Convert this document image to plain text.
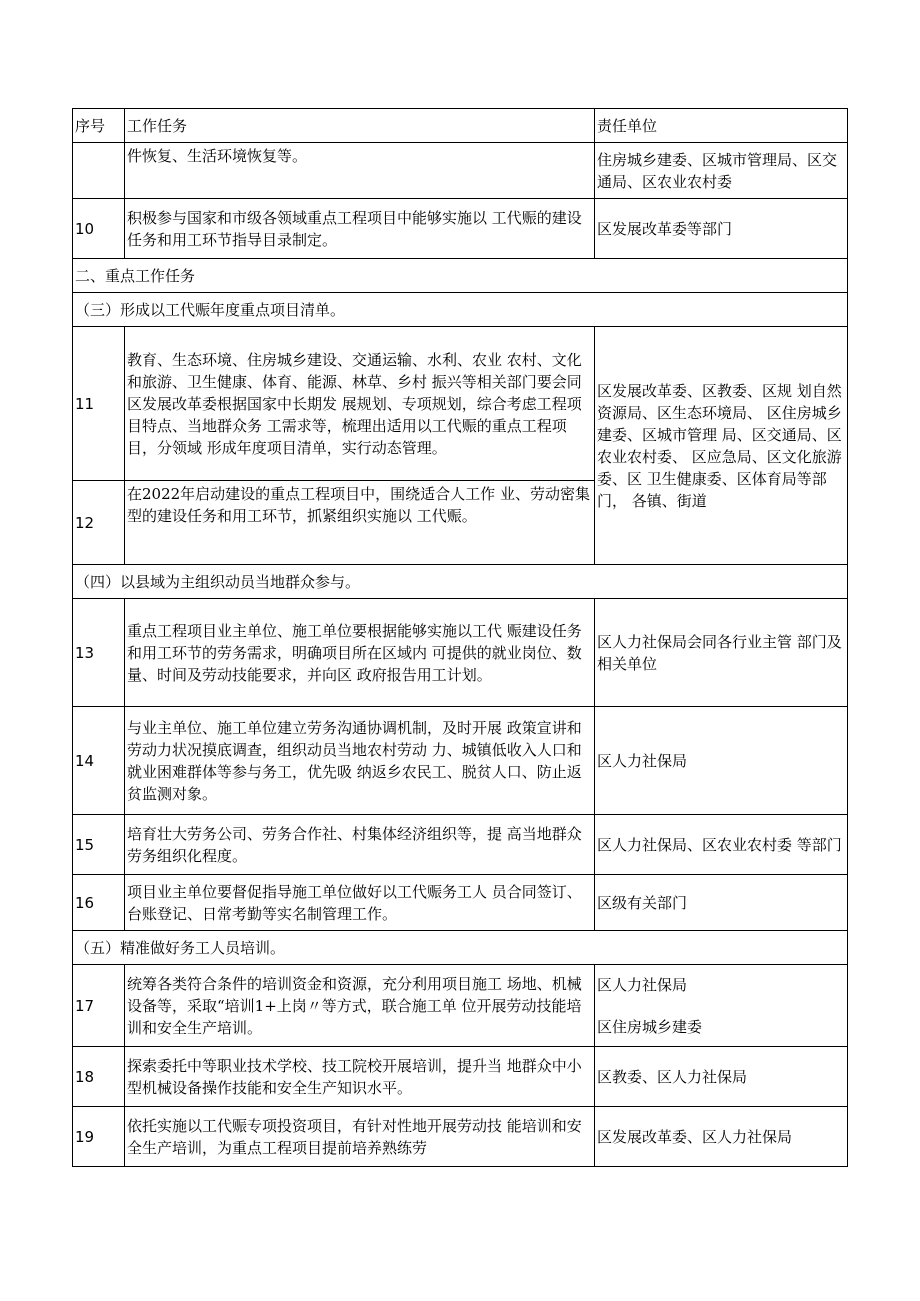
序号	工作任务	责任单位
	件恢复、生活环境恢复等。	住房城乡建委、区城市管理局、区交通局、区农业农村委
10	积极参与国家和市级各领域重点工程项目中能够实施以 工代赈的建设任务和用工环节指导目录制定。	区发展改革委等部门
二、重点工作任务		
（三）形成以工代赈年度重点项目清单。		
11	教育、生态环境、住房城乡建设、交通运输、水利、农业 农村、文化和旅游、卫生健康、体育、能源、林草、乡村 振兴等相关部门要会同区发展改革委根据国家中长期发 展规划、专项规划，综合考虑工程项目特点、当地群众务 工需求等，梳理出适用以工代赈的重点工程项目，分领域 形成年度项目清单，实行动态管理。	区发展改革委、区教委、区规 划自然资源局、区生态环境局、 区住房城乡建委、区城市管理 局、区交通局、区农业农村委、 区应急局、区文化旅游委、区 卫生健康委、区体育局等部门， 各镇、街道
12	在2022年启动建设的重点工程项目中，围绕适合人工作 业、劳动密集型的建设任务和用工环节，抓紧组织实施以 工代赈。	
（四）以县域为主组织动员当地群众参与。		
13	重点工程项目业主单位、施工单位要根据能够实施以工代 赈建设任务和用工环节的劳务需求，明确项目所在区域内 可提供的就业岗位、数量、时间及劳动技能要求，并向区 政府报告用工计划。	区人力社保局会同各行业主管 部门及相关单位
14	与业主单位、施工单位建立劳务沟通协调机制，及时开展 政策宣讲和劳动力状况摸底调查，组织动员当地农村劳动 力、城镇低收入人口和就业困难群体等参与务工，优先吸 纳返乡农民工、脱贫人口、防止返贫监测对象。	区人力社保局
15	培育壮大劳务公司、劳务合作社、村集体经济组织等，提 高当地群众劳务组织化程度。	区人力社保局、区农业农村委 等部门
16	项目业主单位要督促指导施工单位做好以工代赈务工人 员合同签订、台账登记、日常考勤等实名制管理工作。	区级有关部门
（五）精准做好务工人员培训。		
17	统筹各类符合条件的培训资金和资源，充分利用项目施工 场地、机械设备等，采取“培训1+上岗〃等方式，联合施工单 位开展劳动技能培训和安全生产培训。	区人力社保局
区住房城乡建委
18	探索委托中等职业技术学校、技工院校开展培训，提升当 地群众中小型机械设备操作技能和安全生产知识水平。	区教委、区人力社保局
19	依托实施以工代赈专项投资项目，有针对性地开展劳动技 能培训和安全生产培训，为重点工程项目提前培养熟练劳	区发展改革委、区人力社保局
